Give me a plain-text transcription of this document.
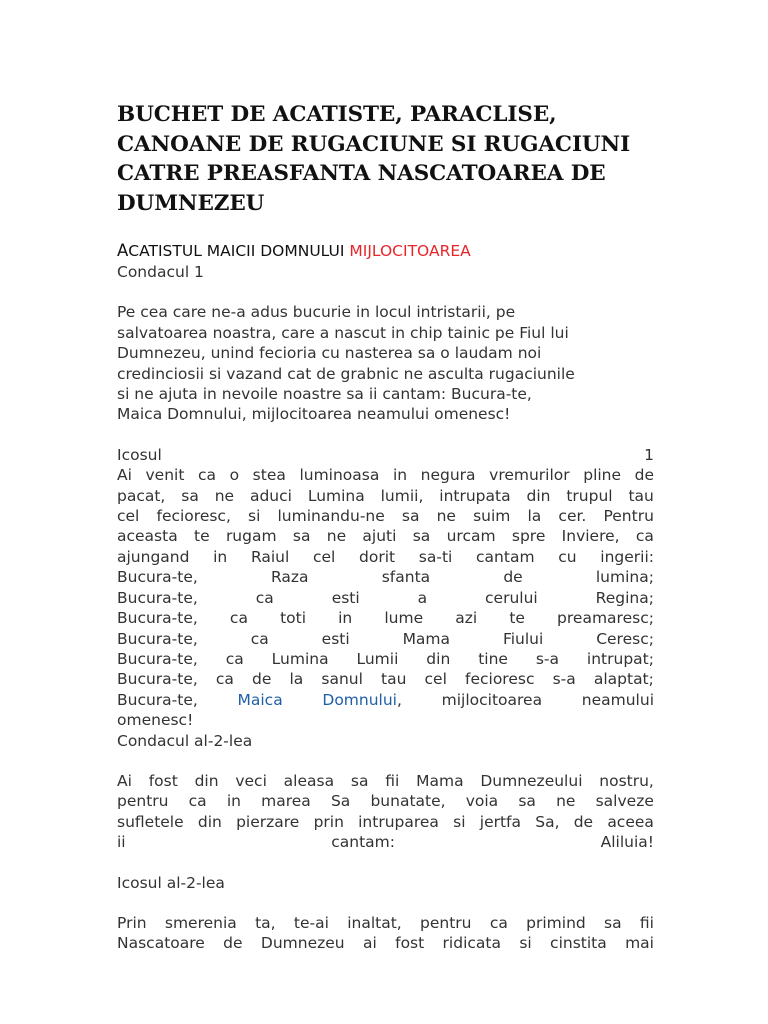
BUCHET DE ACATISTE, PARACLISE,
CANOANE DE RUGACIUNE SI RUGACIUNI
CATRE PREASFANTA NASCATOAREA DE
DUMNEZEU
ACATISTUL MAICII DOMNULUI MIJLOCITOAREA
Condacul 1
Pe cea care ne-a adus bucurie in locul intristarii, pe
salvatoarea noastra, care a nascut in chip tainic pe Fiul lui
Dumnezeu, unind fecioria cu nasterea sa o laudam noi
credinciosii si vazand cat de grabnic ne asculta rugaciunile
si ne ajuta in nevoile noastre sa ii cantam: Bucura-te,
Maica Domnului, mijlocitoarea neamului omenesc!
Icosul	1
Ai venit ca o stea luminoasa in negura vremurilor pline de
pacat, sa ne aduci Lumina lumii, intrupata din trupul tau
cel fecioresc, si luminandu-ne sa ne suim la cer. Pentru
aceasta te rugam sa ne ajuti sa urcam spre Inviere, ca
ajungand in Raiul cel dorit sa-ti cantam cu ingerii:
Bucura-te,	Raza	sfanta	de	lumina;
Bucura-te,	ca	esti	a	cerului	Regina;
Bucura-te, ca toti in lume azi te preamaresc;
Bucura-te,	ca	esti	Mama	Fiului	Ceresc;
Bucura-te, ca Lumina Lumii din tine s-a intrupat;
Bucura-te, ca de la sanul tau cel fecioresc s-a alaptat;
Bucura-te,	Maica	Domnului,	mijlocitoarea	neamului
omenesc!
Condacul al-2-lea
Ai fost din veci aleasa sa fii Mama Dumnezeului nostru,
pentru ca in marea Sa bunatate, voia sa ne salveze
sufletele din pierzare prin intruparea si jertfa Sa, de aceea
ii	cantam:	Aliluia!
Icosul al-2-lea
Prin smerenia ta, te-ai inaltat, pentru ca primind sa fii
Nascatoare de Dumnezeu ai fost ridicata si cinstita mai
